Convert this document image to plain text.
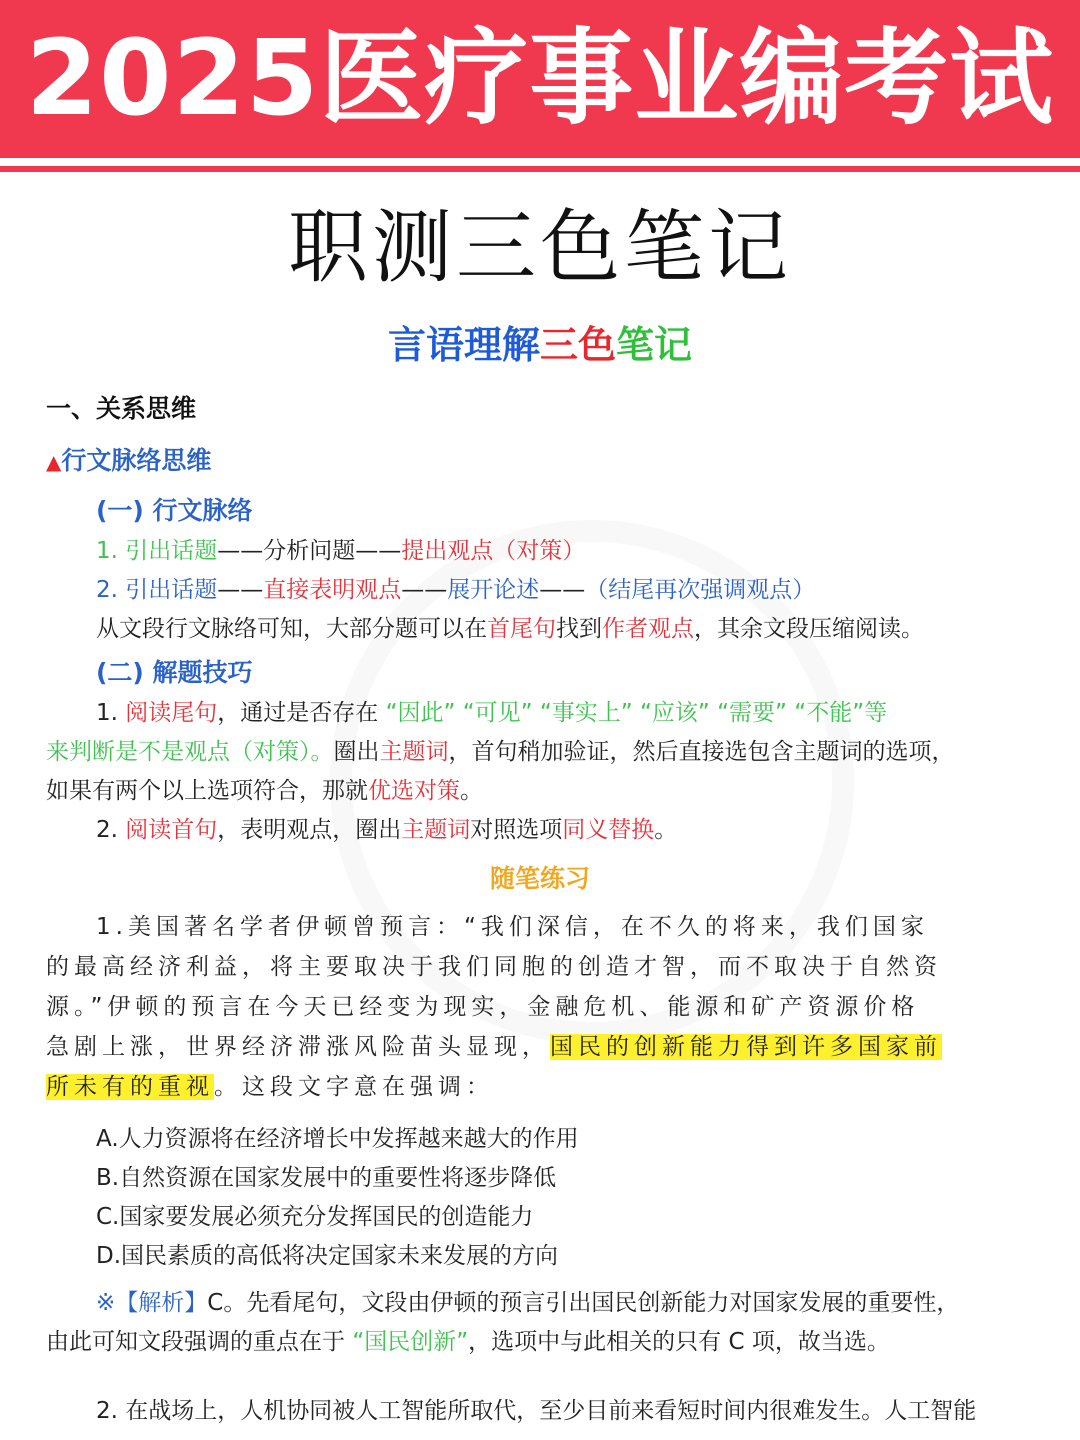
2025医疗事业编考试
职测三色笔记
言语理解三色笔记
一、关系思维
▲行文脉络思维
(一) 行文脉络
1. 引出话题——分析问题——提出观点（对策）
2. 引出话题——直接表明观点——展开论述——（结尾再次强调观点）
从文段行文脉络可知，大部分题可以在首尾句找到作者观点，其余文段压缩阅读。
(二) 解题技巧
1. 阅读尾句，通过是否存在 “因此” “可见” “事实上” “应该” “需要” “不能”等
来判断是不是观点（对策）。圈出主题词，首句稍加验证，然后直接选包含主题词的选项，
如果有两个以上选项符合，那就优选对策。
2. 阅读首句，表明观点，圈出主题词对照选项同义替换。
随笔练习
1.美国著名学者伊顿曾预言：“我们深信，在不久的将来，我们国家
的最高经济利益，将主要取决于我们同胞的创造才智，而不取决于自然资
源。”伊顿的预言在今天已经变为现实，金融危机、能源和矿产资源价格
急剧上涨，世界经济滞涨风险苗头显现，国民的创新能力得到许多国家前
所未有的重视。这段文字意在强调：
A.人力资源将在经济增长中发挥越来越大的作用
B.自然资源在国家发展中的重要性将逐步降低
C.国家要发展必须充分发挥国民的创造能力
D.国民素质的高低将决定国家未来发展的方向
※【解析】C。先看尾句，文段由伊顿的预言引出国民创新能力对国家发展的重要性，
由此可知文段强调的重点在于 “国民创新”，选项中与此相关的只有 C 项，故当选。
2. 在战场上，人机协同被人工智能所取代，至少目前来看短时间内很难发生。人工智能
